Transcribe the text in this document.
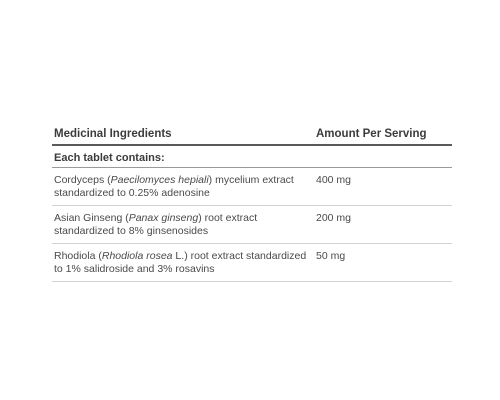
Medicinal Ingredients	Amount Per Serving
Each tablet contains:
Cordyceps (Paecilomyces hepiali) mycelium extract standardized to 0.25% adenosine
400 mg
Asian Ginseng (Panax ginseng) root extract standardized to 8% ginsenosides
200 mg
Rhodiola (Rhodiola rosea L.) root extract standardized to 1% salidroside and 3% rosavins
50 mg
